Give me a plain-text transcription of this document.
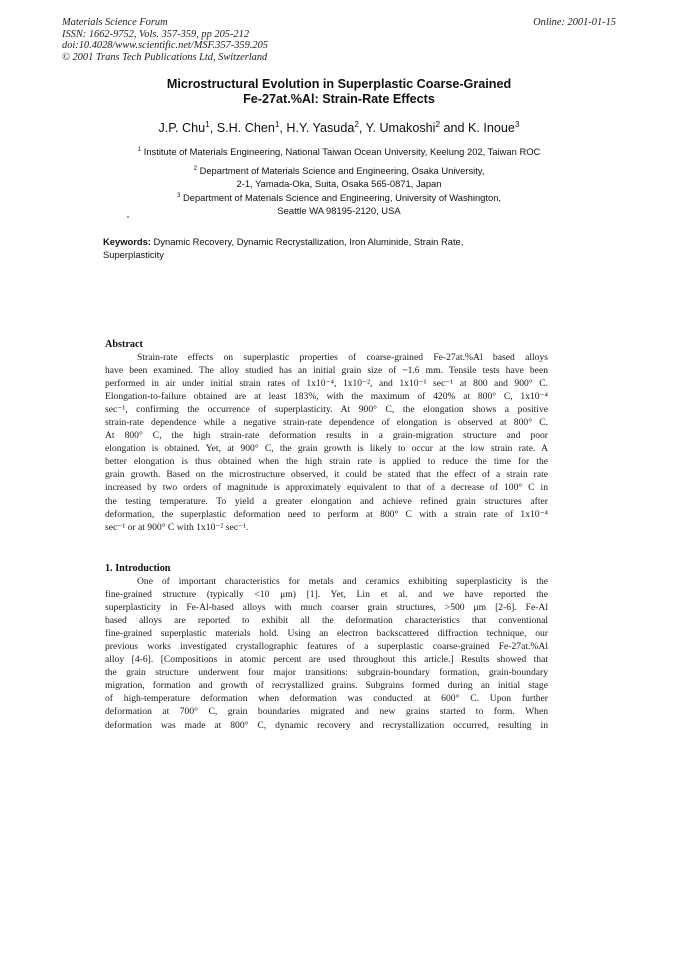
Materials Science Forum
ISSN: 1662-9752, Vols. 357-359, pp 205-212
doi:10.4028/www.scientific.net/MSF.357-359.205
© 2001 Trans Tech Publications Ltd, Switzerland
Online: 2001-01-15
Microstructural Evolution in Superplastic Coarse-Grained
Fe-27at.%Al: Strain-Rate Effects
J.P. Chu$^1$, S.H. Chen$^1$, H.Y. Yasuda$^2$, Y. Umakoshi$^2$ and K. Inoue$^3$
$^1$ Institute of Materials Engineering, National Taiwan Ocean University, Keelung 202, Taiwan ROC
$^2$ Department of Materials Science and Engineering, Osaka University,
2-1, Yamada-Oka, Suita, Osaka 565-0871, Japan
$^3$ Department of Materials Science and Engineering, University of Washington,
Seattle WA 98195-2120, USA
Keywords: Dynamic Recovery, Dynamic Recrystallization, Iron Aluminide, Strain Rate,
Superplasticity
Abstract
Strain-rate effects on superplastic properties of coarse-grained Fe-27at.%Al based alloys
have been examined. The alloy studied has an initial grain size of ~1.6 mm. Tensile tests have been
performed in air under initial strain rates of 1x10⁻⁴, 1x10⁻², and 1x10⁻¹ sec⁻¹ at 800 and 900° C.
Elongation-to-failure obtained are at least 183%, with the maximum of 420% at 800° C, 1x10⁻⁴
sec⁻¹, confirming the occurrence of superplasticity. At 900° C, the elongation shows a positive
strain-rate dependence while a negative strain-rate dependence of elongation is observed at 800° C.
At 800° C, the high strain-rate deformation results in a grain-migration structure and poor
elongation is obtained. Yet, at 900° C, the grain growth is likely to occur at the low strain rate. A
better elongation is thus obtained when the high strain rate is applied to reduce the time for the
grain growth. Based on the microstructure observed, it could be stated that the effect of a strain rate
increased by two orders of magnitude is approximately equivalent to that of a decrease of 100° C in
the testing temperature. To yield a greater elongation and achieve refined grain structures after
deformation, the superplastic deformation need to perform at 800° C with a strain rate of 1x10⁻⁴
sec⁻¹ or at 900° C with 1x10⁻² sec⁻¹.
1. Introduction
One of important characteristics for metals and ceramics exhibiting superplasticity is the
fine-grained structure (typically <10 μm) [1]. Yet, Lin et al. and we have reported the
superplasticity in Fe-Al-based alloys with much coarser grain structures, >500 μm [2-6]. Fe-Al
based alloys are reported to exhibit all the deformation characteristics that conventional
fine-grained superplastic materials hold. Using an electron backscattered diffraction technique, our
previous works investigated crystallographic features of a superplastic coarse-grained Fe-27at.%Al
alloy [4-6]. [Compositions in atomic percent are used throughout this article.] Results showed that
the grain structure underwent four major transitions: subgrain-boundary formation, grain-boundary
migration, formation and growth of recrystallized grains. Subgrains formed during an initial stage
of high-temperature deformation when deformation was conducted at 600° C. Upon further
deformation at 700° C, grain boundaries migrated and new grains started to form. When
deformation was made at 800° C, dynamic recovery and recrystallization occurred, resulting in
